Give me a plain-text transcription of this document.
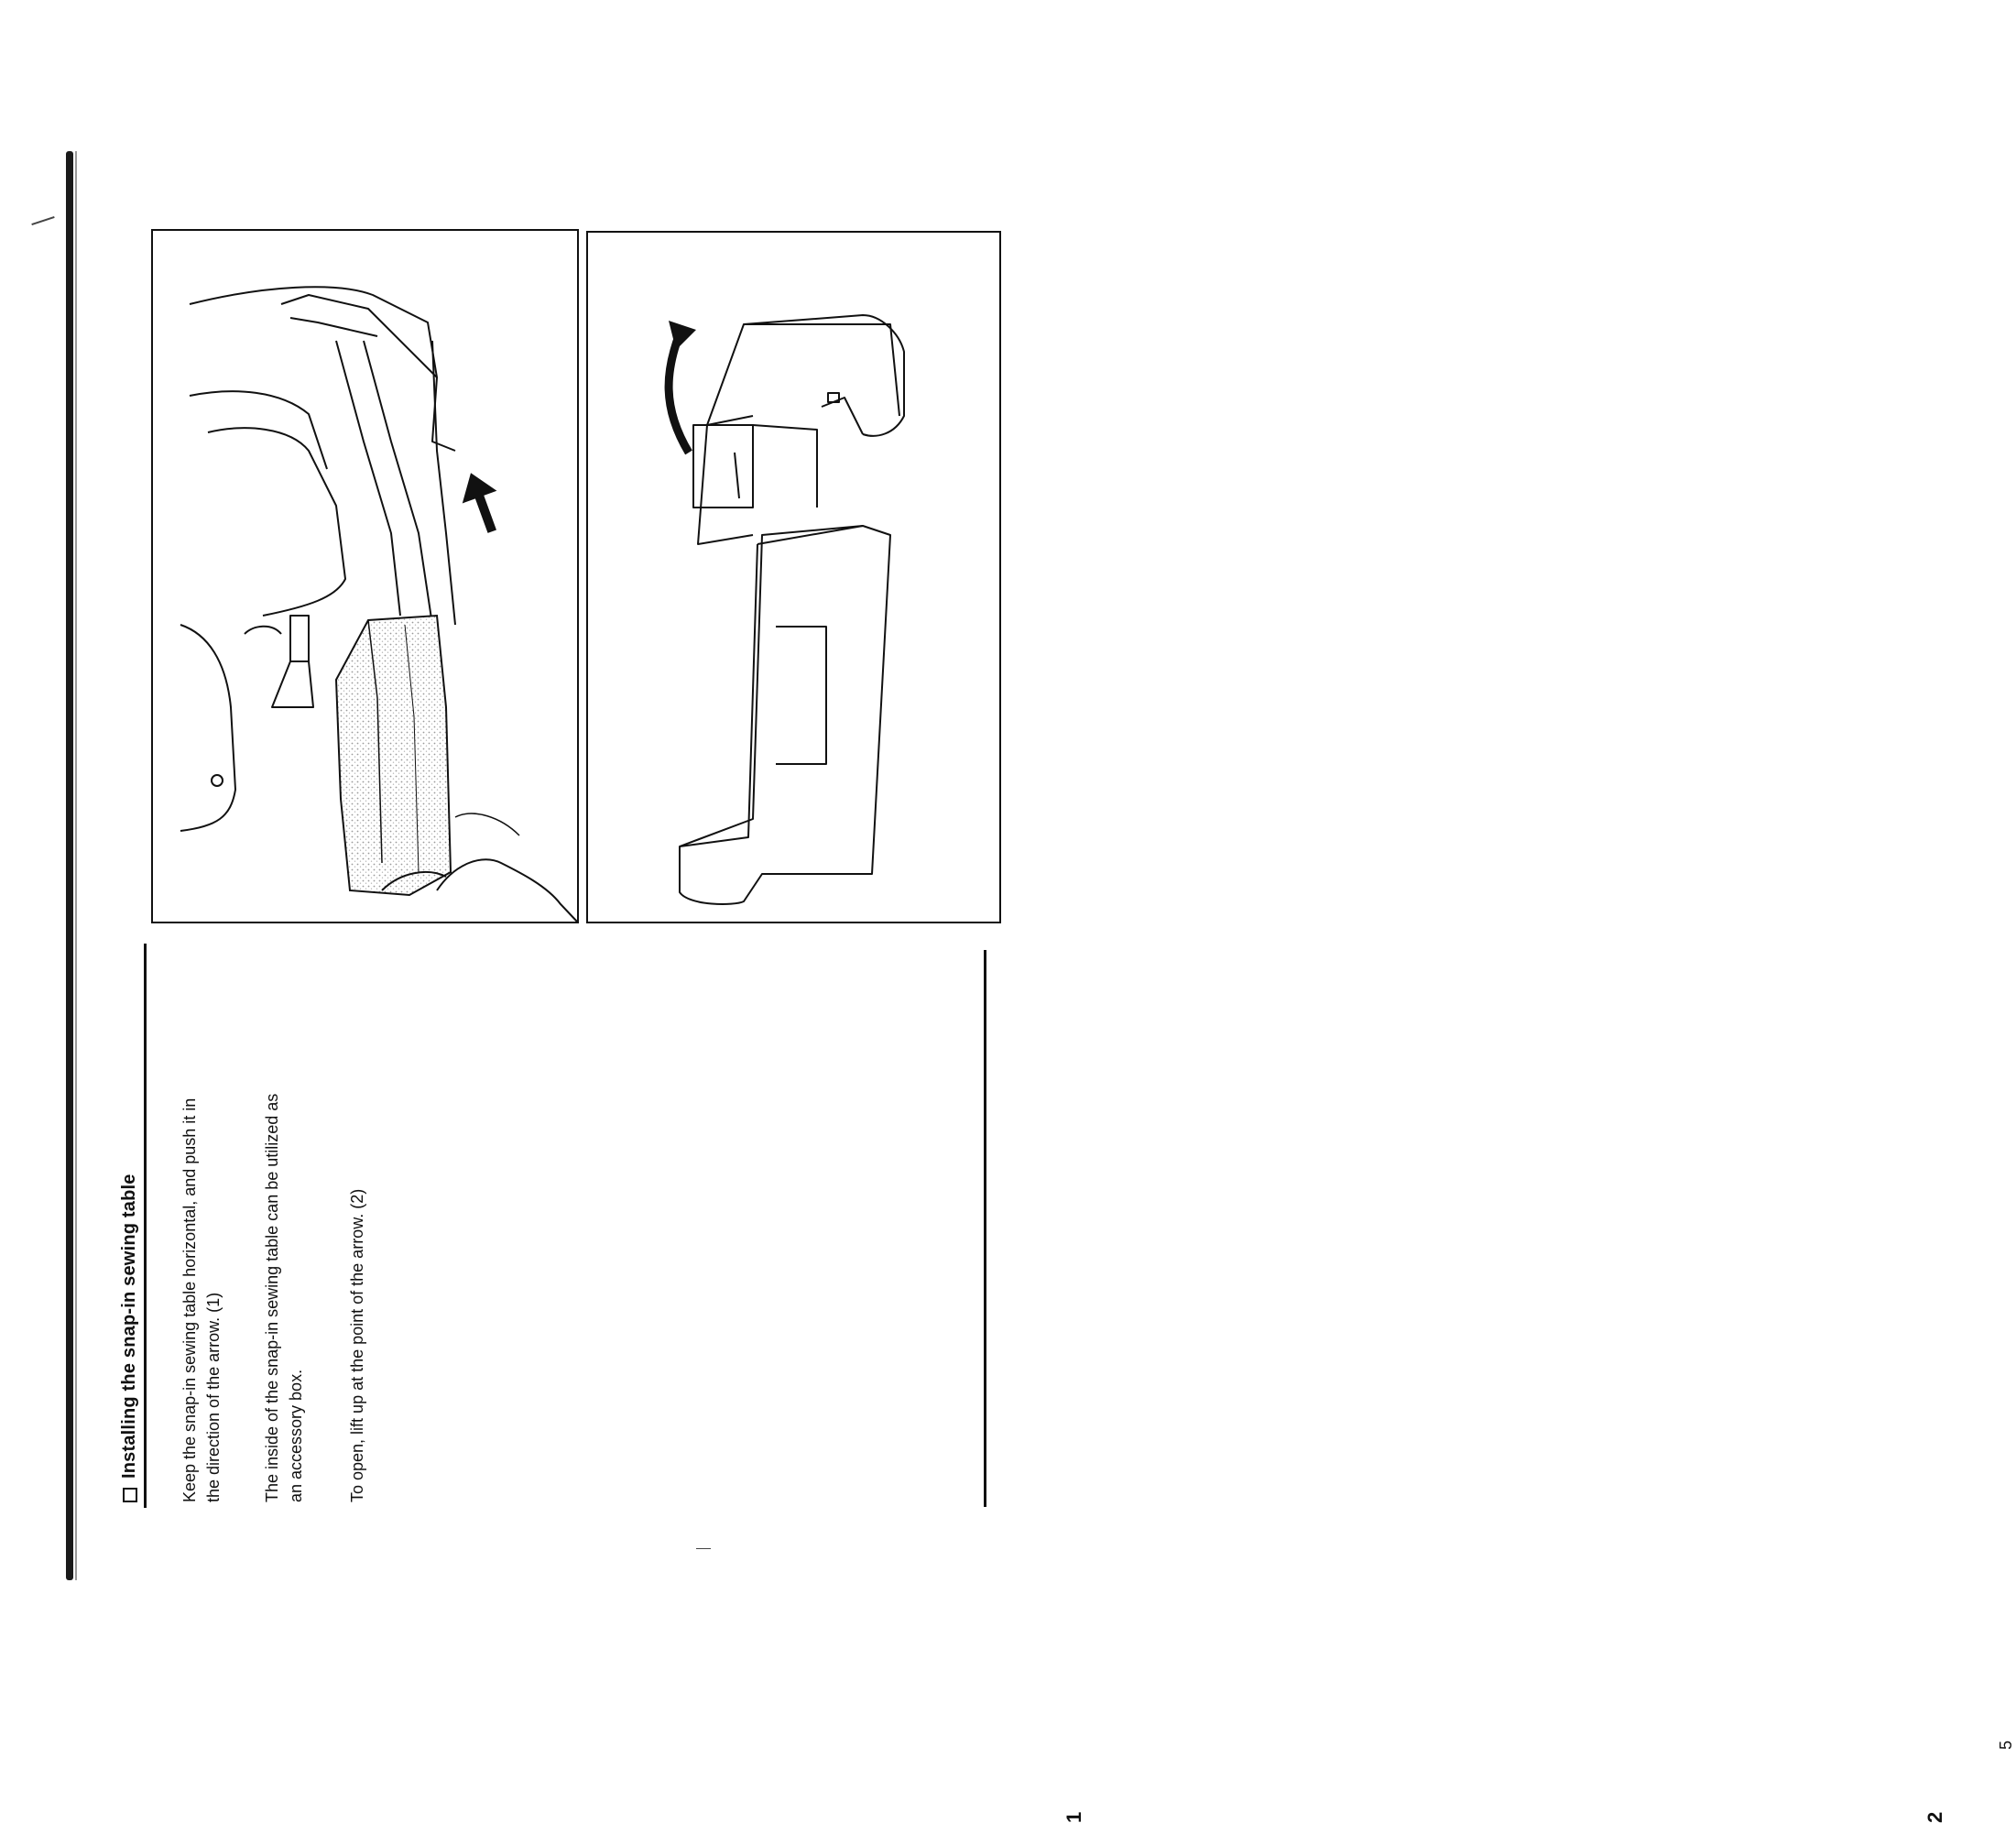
Installing the snap-in sewing table	Keep the snap-in sewing table horizontal, and push it in the direction of the arrow. (1) The inside of the snap-in sewing table can be utilized as an accessory box.	To open, lift up at the point of the arrow. (2)
1	2
5
